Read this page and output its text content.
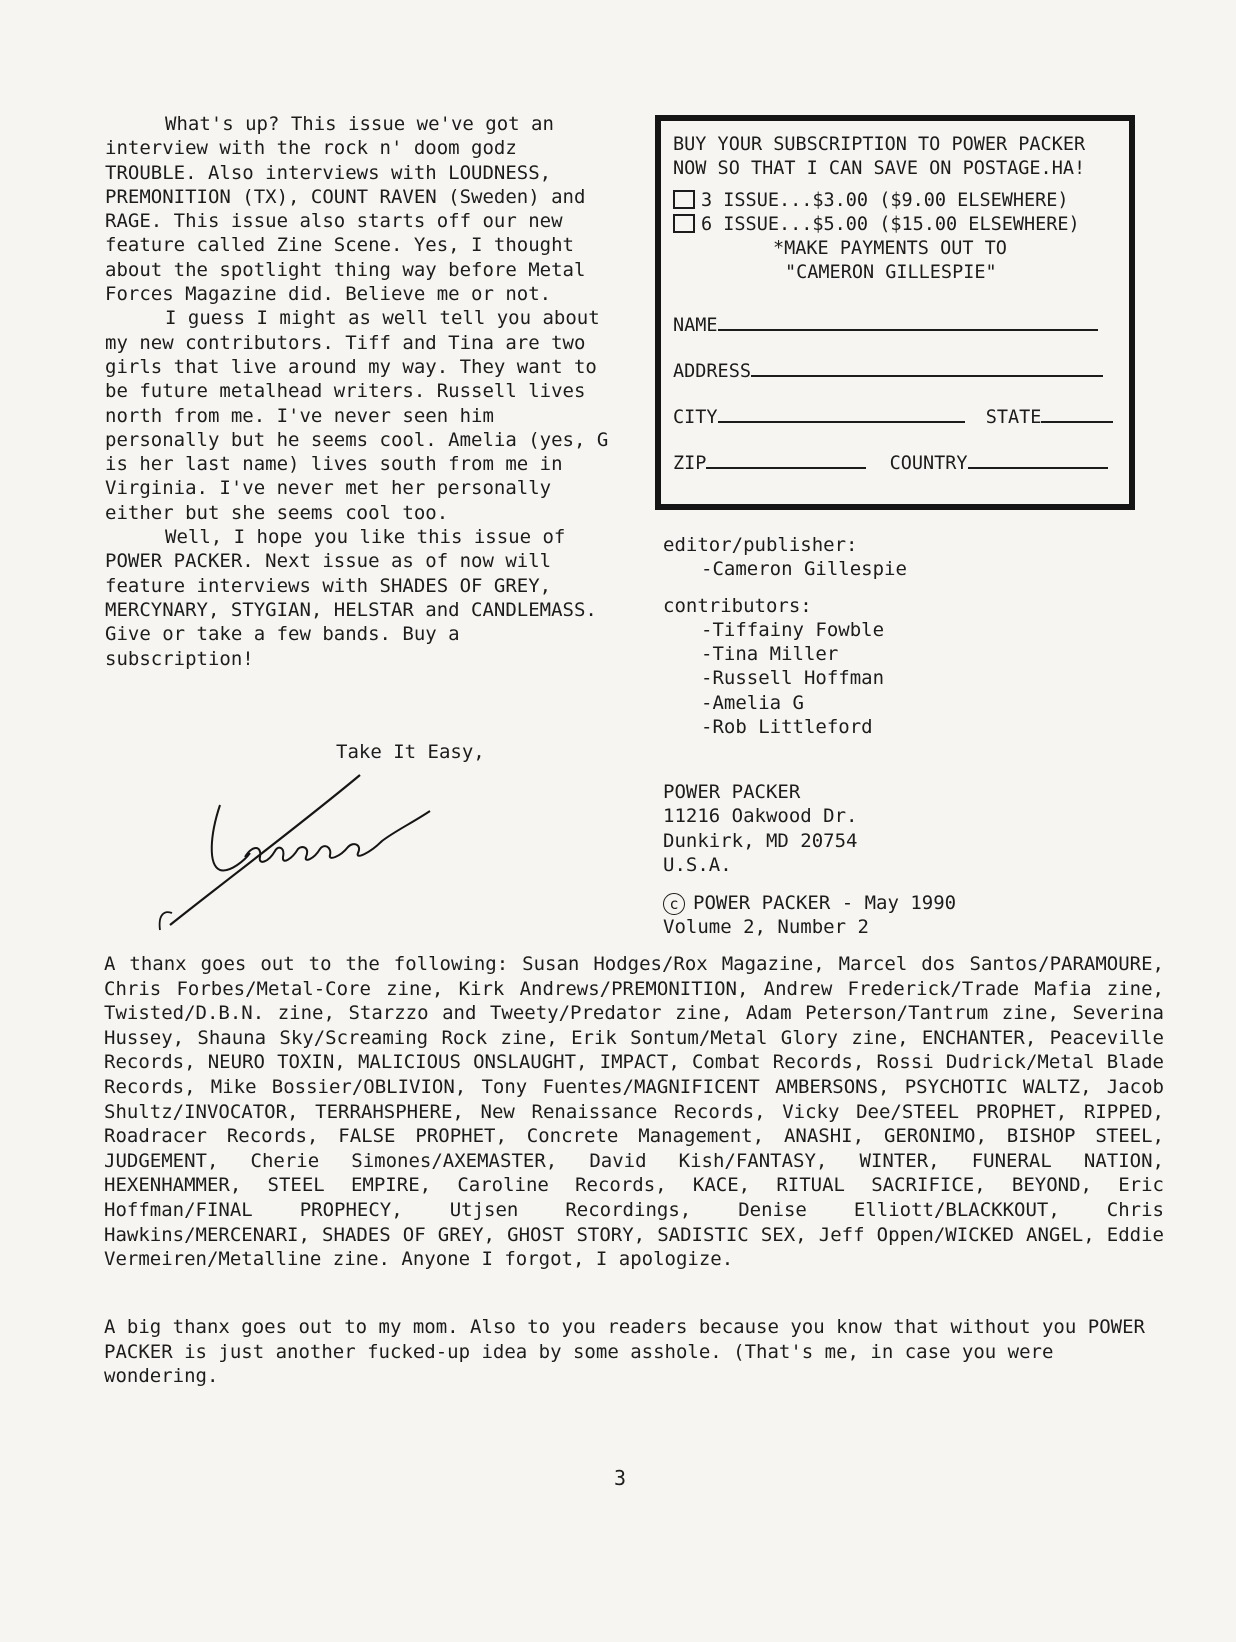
What's up? This issue we've got an interview with the rock n' doom godz TROUBLE. Also interviews with LOUDNESS, PREMONITION (TX), COUNT RAVEN (Sweden) and RAGE. This issue also starts off our new feature called Zine Scene. Yes, I thought about the spotlight thing way before Metal Forces Magazine did. Believe me or not.

I guess I might as well tell you about my new contributors. Tiff and Tina are two girls that live around my way. They want to be future metalhead writers. Russell lives north from me. I've never seen him personally but he seems cool. Amelia (yes, G is her last name) lives south from me in Virginia. I've never met her personally either but she seems cool too.

Well, I hope you like this issue of POWER PACKER. Next issue as of now will feature interviews with SHADES OF GREY, MERCYNARY, STYGIAN, HELSTAR and CANDLEMASS. Give or take a few bands. Buy a subscription!

Take It Easy,
BUY YOUR SUBSCRIPTION TO POWER PACKER
NOW SO THAT I CAN SAVE ON POSTAGE.HA!
3 ISSUE...$3.00 ($9.00 ELSEWHERE)
6 ISSUE...$5.00 ($15.00 ELSEWHERE)
*MAKE PAYMENTS OUT TO
"CAMERON GILLESPIE"
NAME
ADDRESS
CITY	STATE
ZIP	COUNTRY
editor/publisher:
-Cameron Gillespie
contributors:
-Tiffainy Fowble
-Tina Miller
-Russell Hoffman
-Amelia G
-Rob Littleford
POWER PACKER
11216 Oakwood Dr.
Dunkirk, MD 20754
U.S.A.
c POWER PACKER - May 1990
Volume 2, Number 2
A thanx goes out to the following: Susan Hodges/Rox Magazine, Marcel dos Santos/PARAMOURE, Chris Forbes/Metal-Core zine, Kirk Andrews/PREMONITION, Andrew Frederick/Trade Mafia zine, Twisted/D.B.N. zine, Starzzo and Tweety/Predator zine, Adam Peterson/Tantrum zine, Severina Hussey, Shauna Sky/Screaming Rock zine, Erik Sontum/Metal Glory zine, ENCHANTER, Peaceville Records, NEURO TOXIN, MALICIOUS ONSLAUGHT, IMPACT, Combat Records, Rossi Dudrick/Metal Blade Records, Mike Bossier/OBLIVION, Tony Fuentes/MAGNIFICENT AMBERSONS, PSYCHOTIC WALTZ, Jacob Shultz/INVOCATOR, TERRAHSPHERE, New Renaissance Records, Vicky Dee/STEEL PROPHET, RIPPED, Roadracer Records, FALSE PROPHET, Concrete Management, ANASHI, GERONIMO, BISHOP STEEL, JUDGEMENT, Cherie Simones/AXEMASTER, David Kish/FANTASY, WINTER, FUNERAL NATION, HEXENHAMMER, STEEL EMPIRE, Caroline Records, KACE, RITUAL SACRIFICE, BEYOND, Eric Hoffman/FINAL PROPHECY, Utjsen Recordings, Denise Elliott/BLACKKOUT, Chris Hawkins/MERCENARI, SHADES OF GREY, GHOST STORY, SADISTIC SEX, Jeff Oppen/WICKED ANGEL, Eddie Vermeiren/Metalline zine. Anyone I forgot, I apologize.
A big thanx goes out to my mom. Also to you readers because you know that without you POWER PACKER is just another fucked-up idea by some asshole. (That's me, in case you were wondering.
3
